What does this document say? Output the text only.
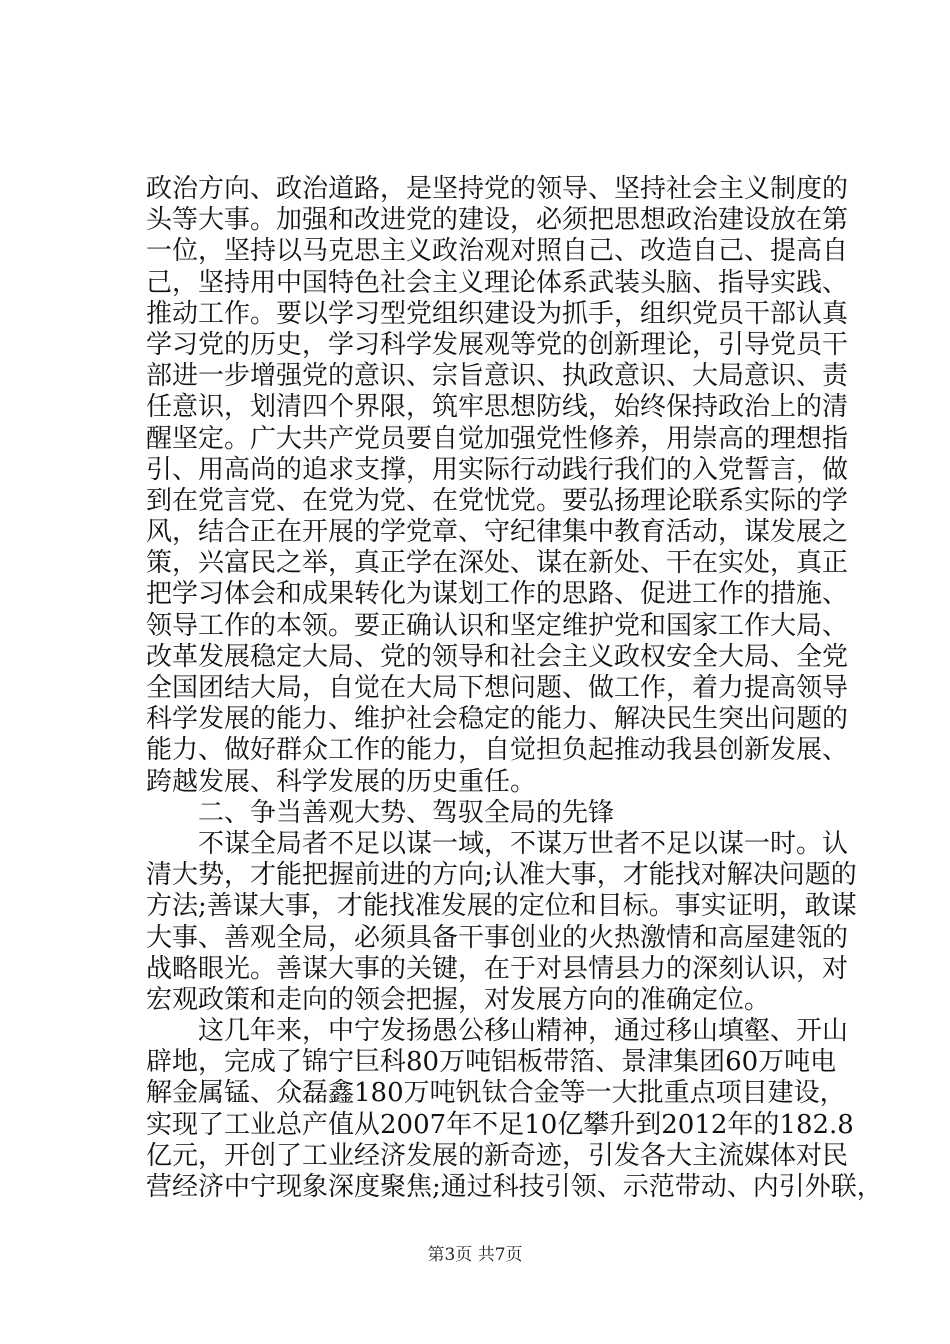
政治方向、政治道路，是坚持党的领导、坚持社会主义制度的
头等大事。加强和改进党的建设，必须把思想政治建设放在第
一位，坚持以马克思主义政治观对照自己、改造自己、提高自
己，坚持用中国特色社会主义理论体系武装头脑、指导实践、
推动工作。要以学习型党组织建设为抓手，组织党员干部认真
学习党的历史，学习科学发展观等党的创新理论，引导党员干
部进一步增强党的意识、宗旨意识、执政意识、大局意识、责
任意识，划清四个界限，筑牢思想防线，始终保持政治上的清
醒坚定。广大共产党员要自觉加强党性修养，用崇高的理想指
引、用高尚的追求支撑，用实际行动践行我们的入党誓言，做
到在党言党、在党为党、在党忧党。要弘扬理论联系实际的学
风，结合正在开展的学党章、守纪律集中教育活动，谋发展之
策，兴富民之举，真正学在深处、谋在新处、干在实处，真正
把学习体会和成果转化为谋划工作的思路、促进工作的措施、
领导工作的本领。要正确认识和坚定维护党和国家工作大局、
改革发展稳定大局、党的领导和社会主义政权安全大局、全党
全国团结大局，自觉在大局下想问题、做工作，着力提高领导
科学发展的能力、维护社会稳定的能力、解决民生突出问题的
能力、做好群众工作的能力，自觉担负起推动我县创新发展、
跨越发展、科学发展的历史重任。
二、争当善观大势、驾驭全局的先锋
不谋全局者不足以谋一域，不谋万世者不足以谋一时。认
清大势，才能把握前进的方向;认准大事，才能找对解决问题的
方法;善谋大事，才能找准发展的定位和目标。事实证明，敢谋
大事、善观全局，必须具备干事创业的火热激情和高屋建瓴的
战略眼光。善谋大事的关键，在于对县情县力的深刻认识，对
宏观政策和走向的领会把握，对发展方向的准确定位。
这几年来，中宁发扬愚公移山精神，通过移山填壑、开山
辟地，完成了锦宁巨科80万吨铝板带箔、景津集团60万吨电
解金属锰、众磊鑫180万吨钒钛合金等一大批重点项目建设，
实现了工业总产值从2007年不足10亿攀升到2012年的182.8
亿元，开创了工业经济发展的新奇迹，引发各大主流媒体对民
营经济中宁现象深度聚焦;通过科技引领、示范带动、内引外联，
第3页 共7页
